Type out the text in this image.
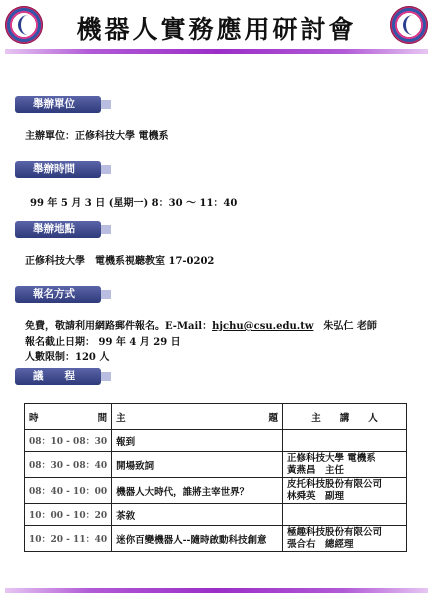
機器人實務應用研討會
舉辦單位
主辦單位：正修科技大學 電機系
舉辦時間
99 年 5 月 3 日 (星期一) 8：30 ～ 11：40
舉辦地點
正修科技大學　電機系視聽教室 17-0202
報名方式
免費，敬請利用網路郵件報名。E-Mail：hjchu@csu.edu.tw　朱弘仁 老師
報名截止日期： 99 年 4 月 29 日
人數限制：120 人
議　　程
時 間	主 題	主　　講　　人
08：10 - 08：30	報到	
08：30 - 08：40	開場致詞	正修科技大學 電機系
黃燕昌　主任

08：40 - 10：00	機器人大時代，誰將主宰世界？	皮托科技股份有限公司
林舜英　副理

10：00 - 10：20	茶敘	
10：20 - 11：40	迷你百變機器人--隨時啟動科技創意	極趣科技股份有限公司
張合右　總經理
